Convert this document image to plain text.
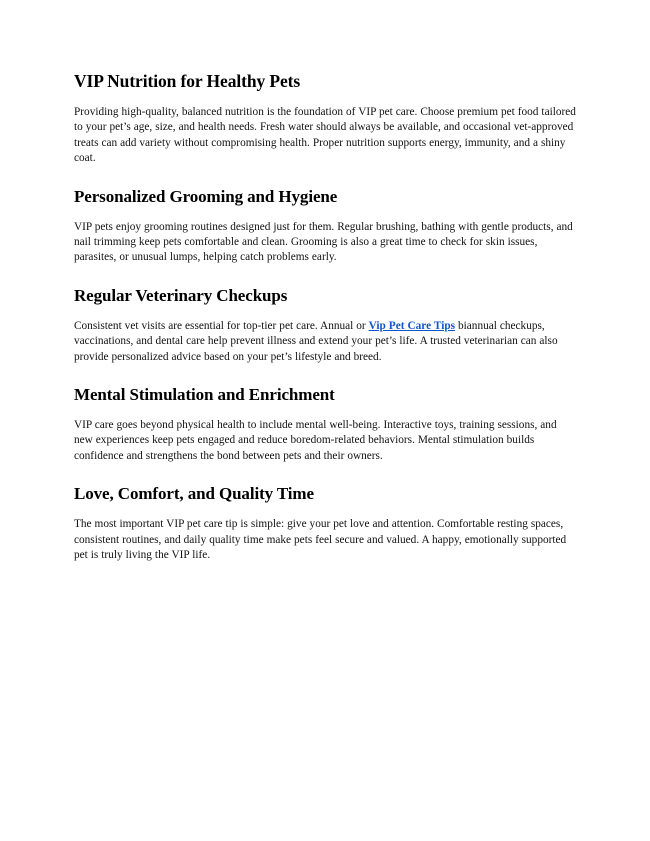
VIP Nutrition for Healthy Pets

Providing high-quality, balanced nutrition is the foundation of VIP pet care. Choose premium pet food tailored to your pet’s age, size, and health needs. Fresh water should always be available, and occasional vet-approved treats can add variety without compromising health. Proper nutrition supports energy, immunity, and a shiny coat.

Personalized Grooming and Hygiene

VIP pets enjoy grooming routines designed just for them. Regular brushing, bathing with gentle products, and nail trimming keep pets comfortable and clean. Grooming is also a great time to check for skin issues, parasites, or unusual lumps, helping catch problems early.

Regular Veterinary Checkups

Consistent vet visits are essential for top-tier pet care. Annual or Vip Pet Care Tips biannual checkups, vaccinations, and dental care help prevent illness and extend your pet’s life. A trusted veterinarian can also provide personalized advice based on your pet’s lifestyle and breed.

Mental Stimulation and Enrichment

VIP care goes beyond physical health to include mental well-being. Interactive toys, training sessions, and new experiences keep pets engaged and reduce boredom-related behaviors. Mental stimulation builds confidence and strengthens the bond between pets and their owners.

Love, Comfort, and Quality Time

The most important VIP pet care tip is simple: give your pet love and attention. Comfortable resting spaces, consistent routines, and daily quality time make pets feel secure and valued. A happy, emotionally supported pet is truly living the VIP life.
